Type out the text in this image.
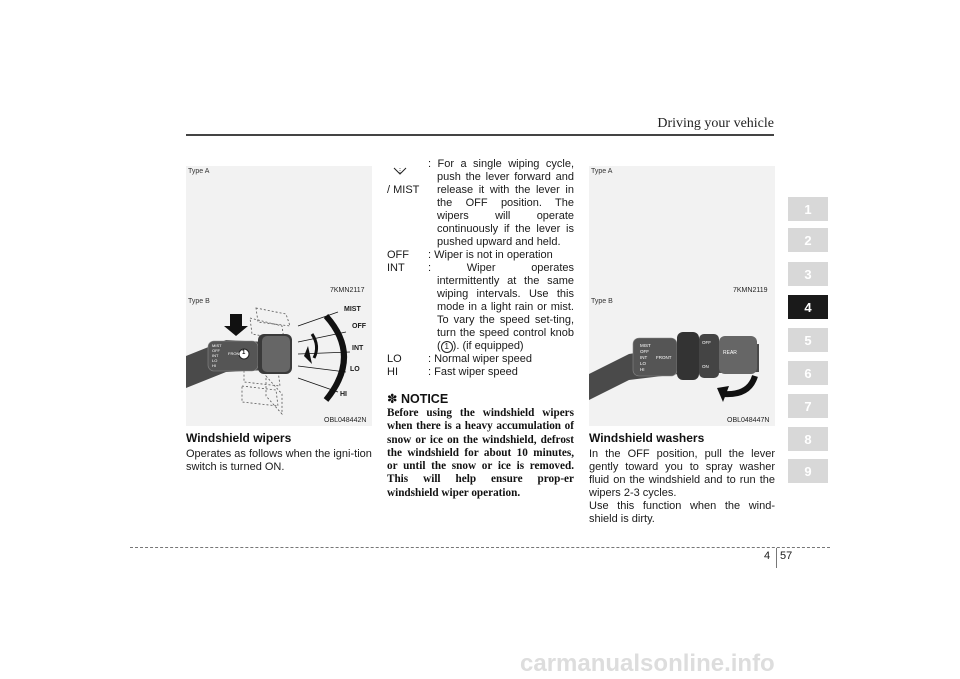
Driving your vehicle
1
2
3
4
5
6
7
8
9
Type A
7KMN2117
Type B
MIST
OFF
INT
LO
HI
MIST
OFF
INT
LO
HI
FRONT 1
OBL048442N
Windshield wipers
Operates as follows when the igni-tion switch is turned ON.
/ MIST
: For a single wiping cycle, push the lever forward and release it with the lever in the OFF position. The wipers will operate continuously if the lever is pushed upward and held.
OFF	: Wiper is not in operation
INT	: Wiper operates intermittently at the same wiping intervals. Use this mode in a light rain or mist. To vary the speed set-ting, turn the speed control knob ( 1 ). (if equipped)
LO	: Normal wiper speed
HI	: Fast wiper speed
✽ NOTICE
Before using the windshield wipers when there is a heavy accumulation of snow or ice on the windshield, defrost the windshield for about 10 minutes, or until the snow or ice is removed. This will help ensure prop-er windshield wiper operation.
Type A
7KMN2119
Type B
MIST
OFF
INT
LO
HI
FRONT
REAR
ON
OFF
OBL048447N
Windshield washers
In the OFF position, pull the lever gently toward you to spray washer fluid on the windshield and to run the wipers 2-3 cycles.
Use this function when the wind-shield is dirty.
4 57
carmanualsonline.info
